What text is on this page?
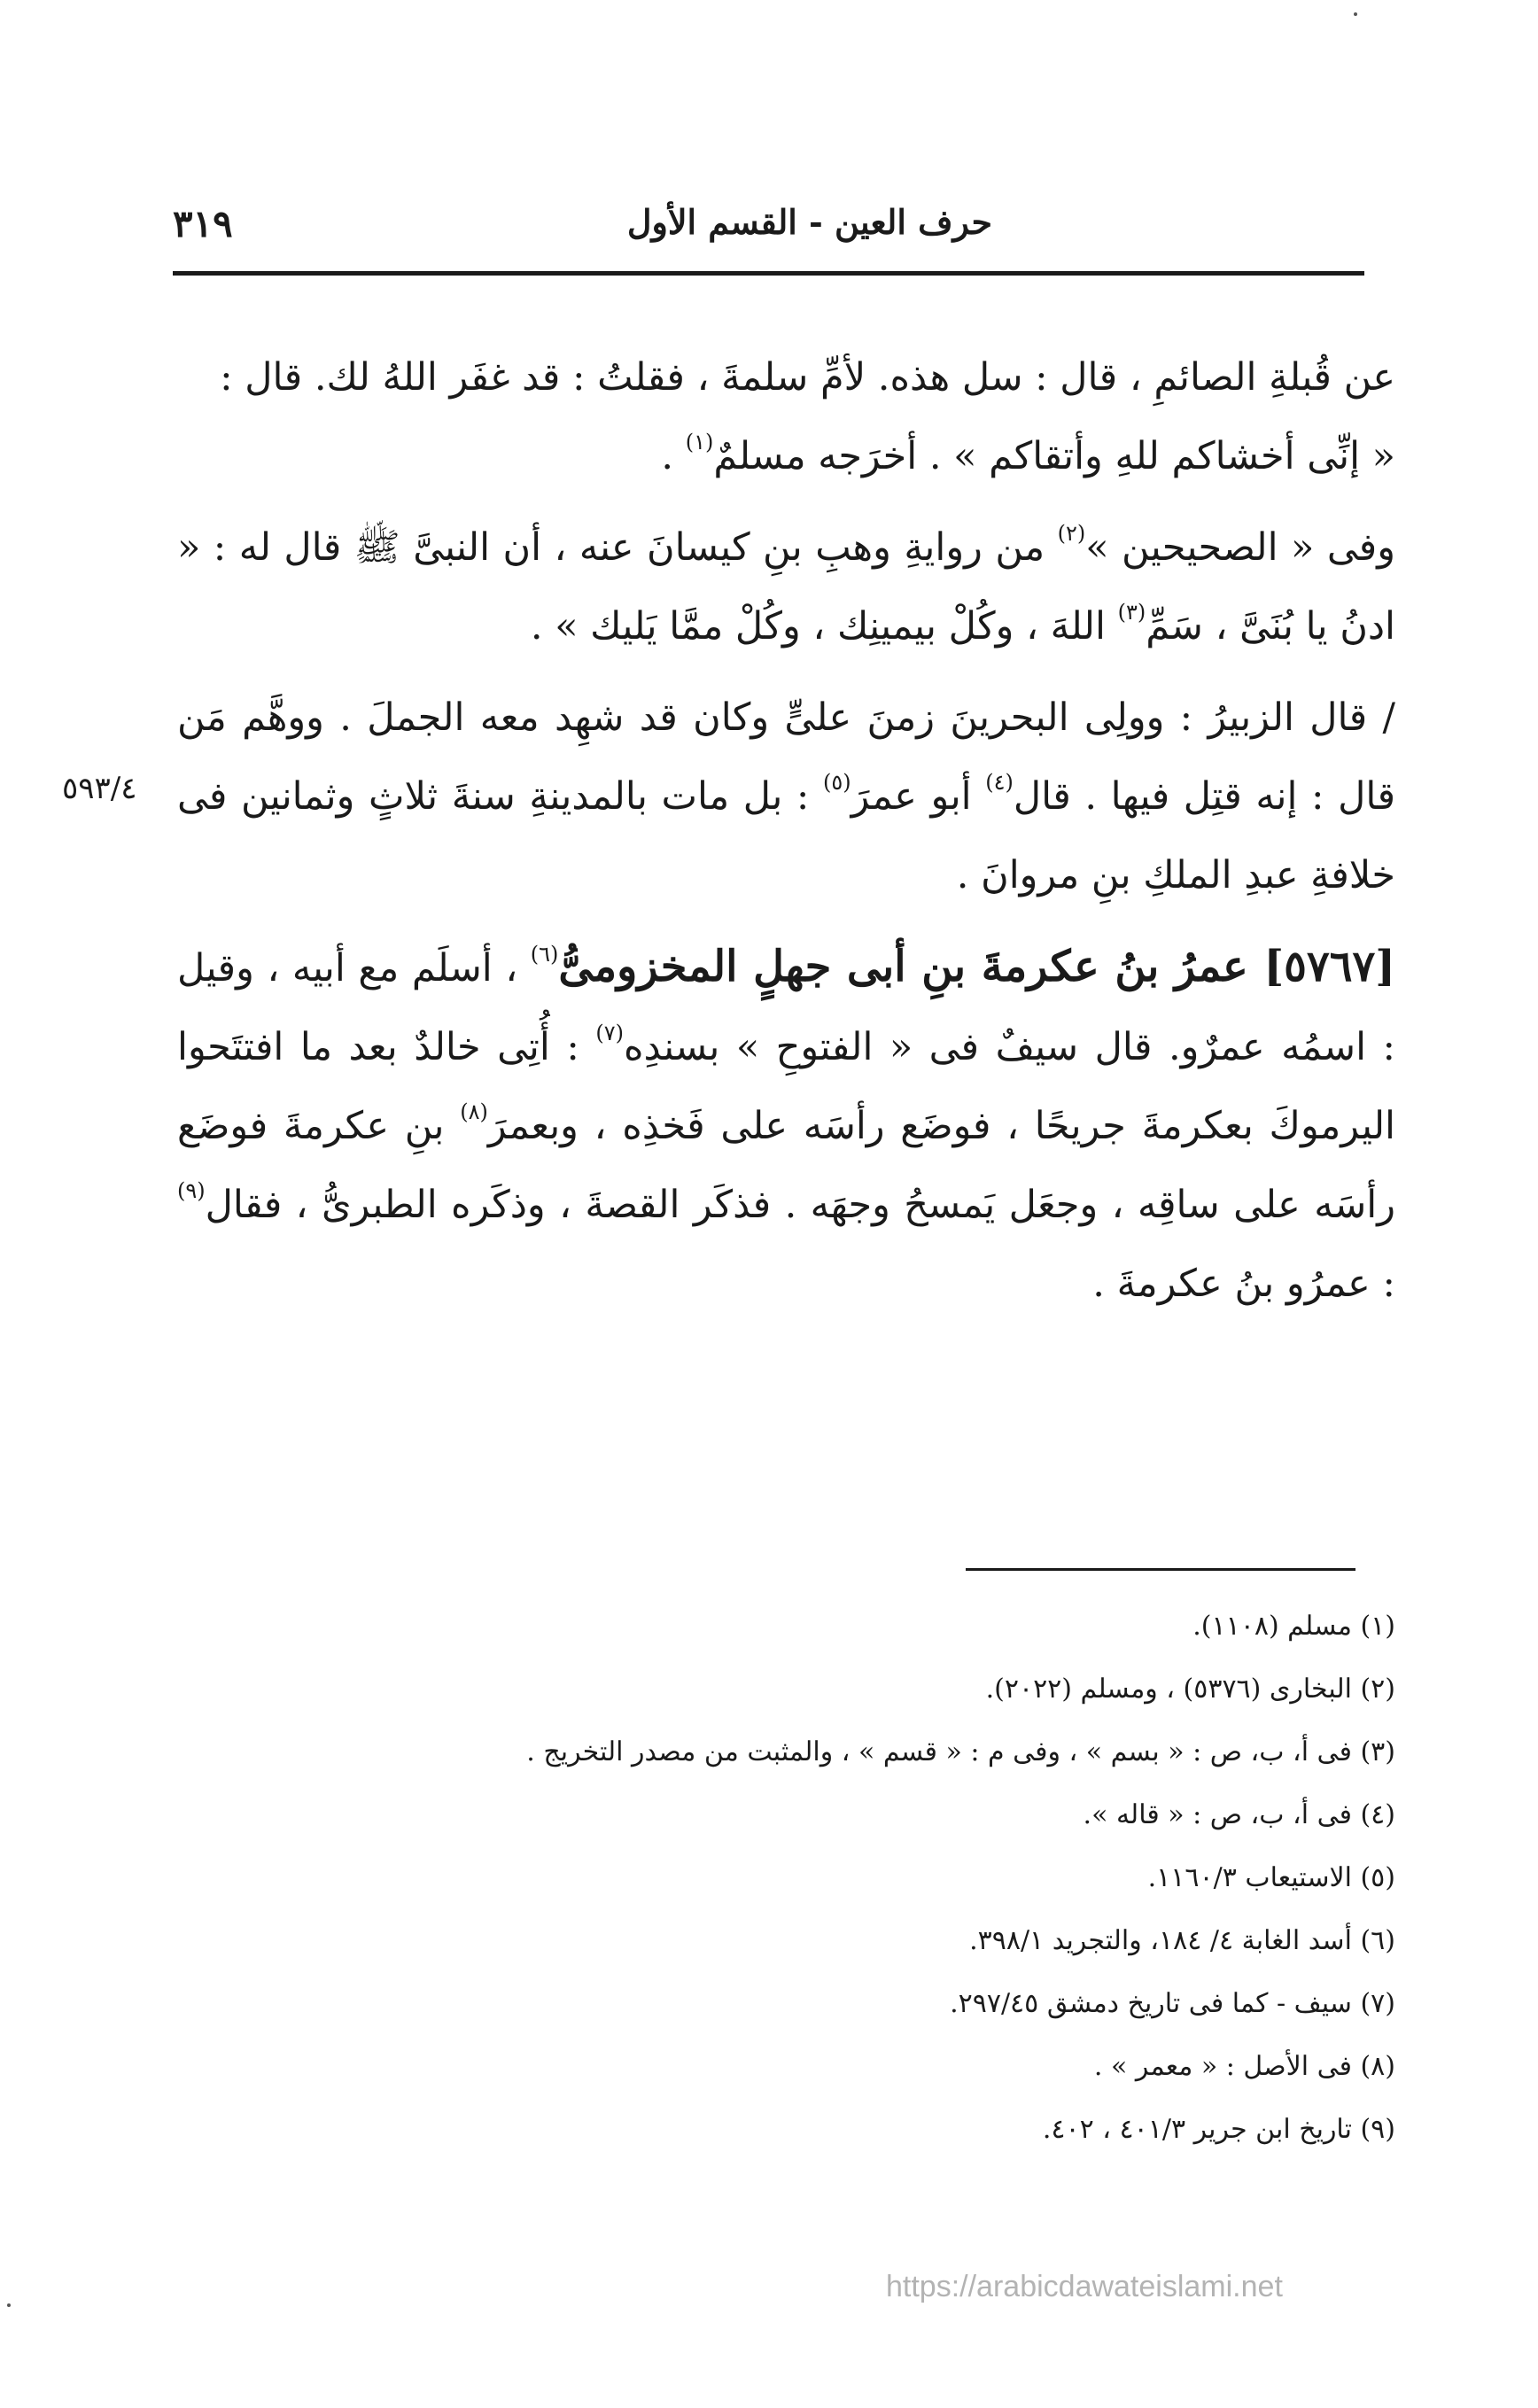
حرف العين - القسم الأول
٣١٩
٥٩٣/٤

عن قُبلةِ الصائمِ ، قال : سل هذه. لأمِّ سلمةَ ، فقلتُ : قد غفَر اللهُ لك. قال :
« إنِّى أخشاكم للهِ وأتقاكم » . أخرَجه مسلمٌ$^{(١)}$ .

وفى « الصحيحين »$^{(٢)}$ من روايةِ وهبِ بنِ كيسانَ عنه ، أن النبىَّ ﷺ قال له : « ادنُ يا بُنَىَّ ، سَمِّ$^{(٣)}$ اللهَ ، وكُلْ بيمينِك ، وكُلْ ممَّا يَليك » .

/ قال الزبيرُ : وولِى البحرينَ زمنَ علىٍّ وكان قد شهِد معه الجملَ . ووهَّم مَن قال : إنه قتِل فيها . قال$^{(٤)}$ أبو عمرَ$^{(٥)}$ : بل مات بالمدينةِ سنةَ ثلاثٍ وثمانين فى خلافةِ عبدِ الملكِ بنِ مروانَ .

[٥٧٦٧] عمرُ بنُ عكرمةَ بنِ أبى جهلٍ المخزومىُّ$^{(٦)}$ ، أسلَم مع أبيه ، وقيل : اسمُه عمرٌو. قال سيفٌ فى « الفتوحِ » بسندِه$^{(٧)}$ : أُتِى خالدٌ بعد ما افتتَحوا اليرموكَ بعكرمةَ جريحًا ، فوضَع رأسَه على فَخذِه ، وبعمرَ$^{(٨)}$ بنِ عكرمةَ فوضَع رأسَه على ساقِه ، وجعَل يَمسحُ وجهَه . فذكَر القصةَ ، وذكَره الطبرىُّ ، فقال$^{(٩)}$ : عمرُو بنُ عكرمةَ .

(١) مسلم (١١٠٨).
(٢) البخارى (٥٣٧٦) ، ومسلم (٢٠٢٢).
(٣) فى أ، ب، ص : « بسم » ، وفى م : « قسم » ، والمثبت من مصدر التخريج .
(٤) فى أ، ب، ص : « قاله ».
(٥) الاستيعاب ١١٦٠/٣.
(٦) أسد الغابة ٤/ ١٨٤، والتجريد ٣٩٨/١.
(٧) سيف - كما فى تاريخ دمشق ٢٩٧/٤٥.
(٨) فى الأصل : « معمر » .
(٩) تاريخ ابن جرير ٤٠١/٣ ، ٤٠٢.
https://arabicdawateislami.net
